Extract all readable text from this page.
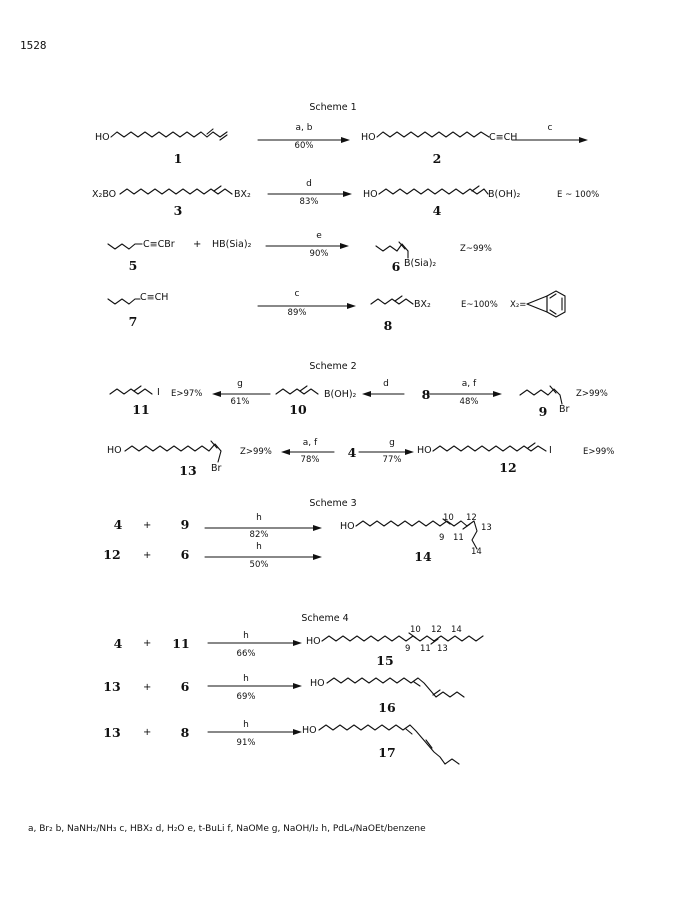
1528
Scheme 1
HO
1
a, b
60%
HO	C≡CH
2
c
X₂BO	BX₂
3
d
83%
HO	B(OH)₂
4
E ~ 100%
C≡CBr
5
+ HB(Sia)₂
e
90%
B(Sia)₂
6
Z~99%
C≡CH
7
c
89%
BX₂
8
E~100% X₂=
Scheme 2
I
11
E>97%
g
61%
B(OH)₂
10
d
8
a, f
48%
Br
9
Z>99%
HO
Br
13
Z>99%
a, f
78%	4
g
77%
HO	I
12
E>99%
Scheme 3
4	+	9	h
82%
12	+	6	h
50%
HO
14
9
10
11
12
13
14
Scheme 4
4	+	11	h
66%
HO
15
9
10
11
12
13
14
13	+	6	h
69%
HO
16
13	+	8	h
91%
HO
17
a, Br₂ b, NaNH₂/NH₃ c, HBX₂ d, H₂O e, t-BuLi f, NaOMe g, NaOH/I₂ h, PdL₄/NaOEt/benzene
